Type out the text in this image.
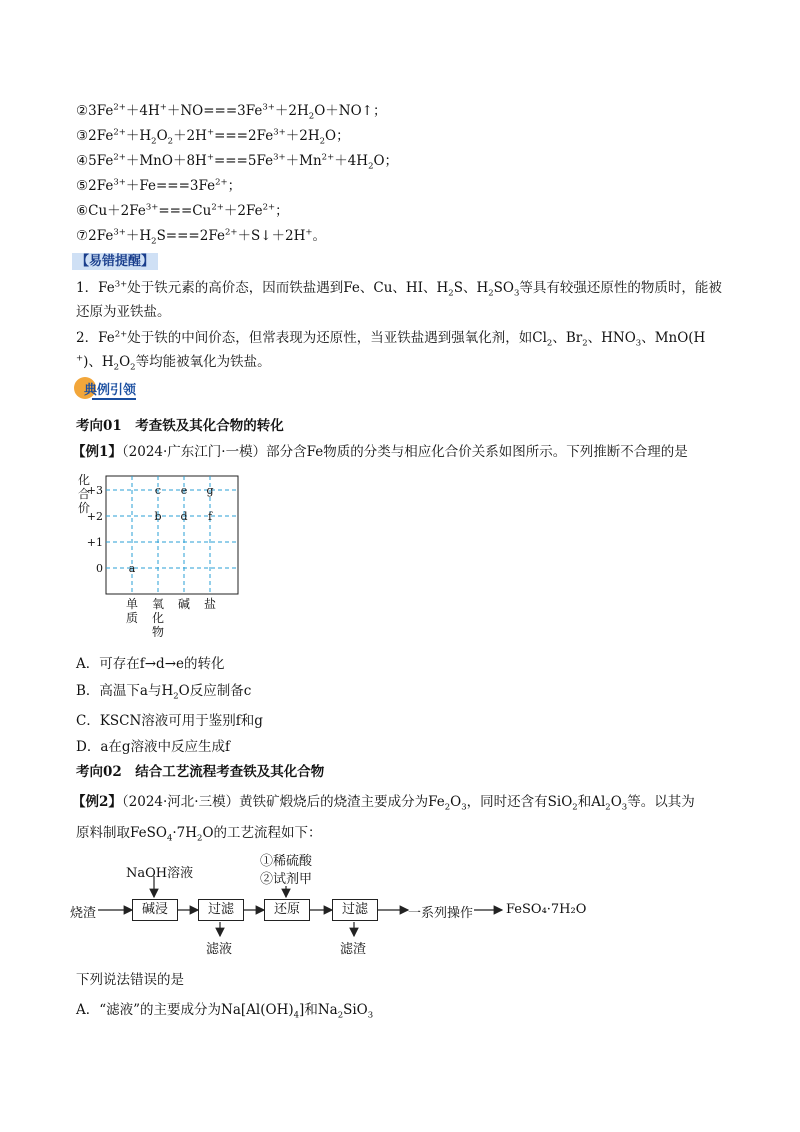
$②3Fe^{2+}+4H^++NO===3Fe^{3+}+2H_2O+NO↑$；
$③2Fe^{2+}+H_2O_2+2H^+===2Fe^{3+}+2H_2O$；
$④5Fe^{2+}+MnO+8H^+===5Fe^{3+}+Mn^{2+}+4H_2O$；
$⑤2Fe^{3+}+Fe===3Fe^{2+}$；
$⑥Cu+2Fe^{3+}===Cu^{2+}+2Fe^{2+}$；
$⑦2Fe^{3+}+H_2S===2Fe^{2+}+S↓+2H^+$。
【易错提醒】
1．$Fe^{3+}$处于铁元素的高价态，因而铁盐遇到Fe、Cu、HI、$H_2S$、$H_2SO_3$等具有较强还原性的物质时，能被
还原为亚铁盐。
2．$Fe^{2+}$处于铁的中间价态，但常表现为还原性，当亚铁盐遇到强氧化剂，如$Cl_2$、$Br_2$、$HNO_3$、MnO(H
+)、$H_2O_2$等均能被氧化为铁盐。
典例引领
考向01　考查铁及其化合物的转化
【例1】（2024·广东江门·一模）部分含Fe物质的分类与相应化合价关系如图所示。下列推断不合理的是
+3
+2
+1
0
化
合
价
单
质
氧
化
物
碱 盐
a
b
c
d
e
f
g
A．可存在f→d→e的转化
B．高温下a与$H_2O$反应制备c
C．KSCN溶液可用于鉴别f和g
D．a在g溶液中反应生成f
考向02　结合工艺流程考查铁及其化合物
【例2】（2024·河北·三模）黄铁矿煅烧后的烧渣主要成分为$Fe_2O_3$，同时还含有SiO$_2$和$Al_2O_3$等。以其为
原料制取$FeSO_4\cdot 7H_2O$的工艺流程如下：
烧渣
NaOH溶液
碱浸	过滤
滤液
①稀硫酸
②试剂甲
还原	过滤
滤渣
一系列操作	FeSO₄·7H₂O
下列说法错误的是
A．“滤液”的主要成分为$Na[Al(OH)_4]$和$Na_2SiO_3$
